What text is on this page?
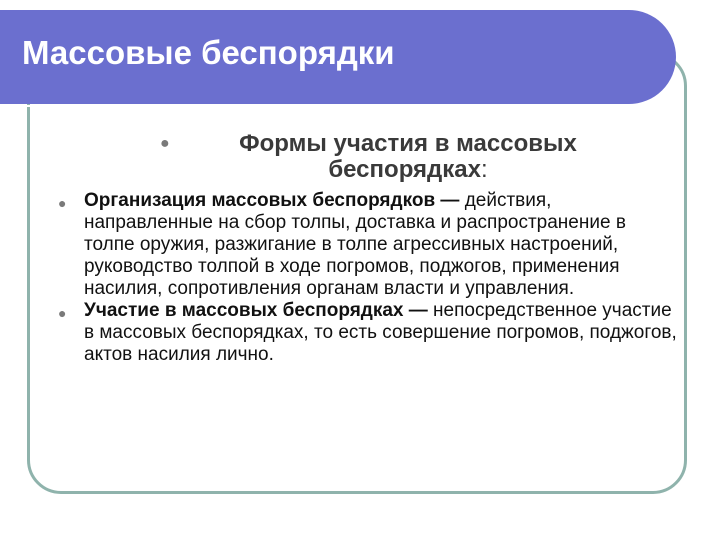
Массовые беспорядки
●	Формы участия в массовых беспорядках:
● Организация массовых беспорядков — действия, направленные на сбор толпы, доставка и распространение в толпе оружия, разжигание в толпе агрессивных настроений, руководство толпой в ходе погромов, поджогов, применения насилия, сопротивления органам власти и управления.
● Участие в массовых беспорядках — непосредственное участие в массовых беспорядках, то есть совершение погромов, поджогов, актов насилия лично.
